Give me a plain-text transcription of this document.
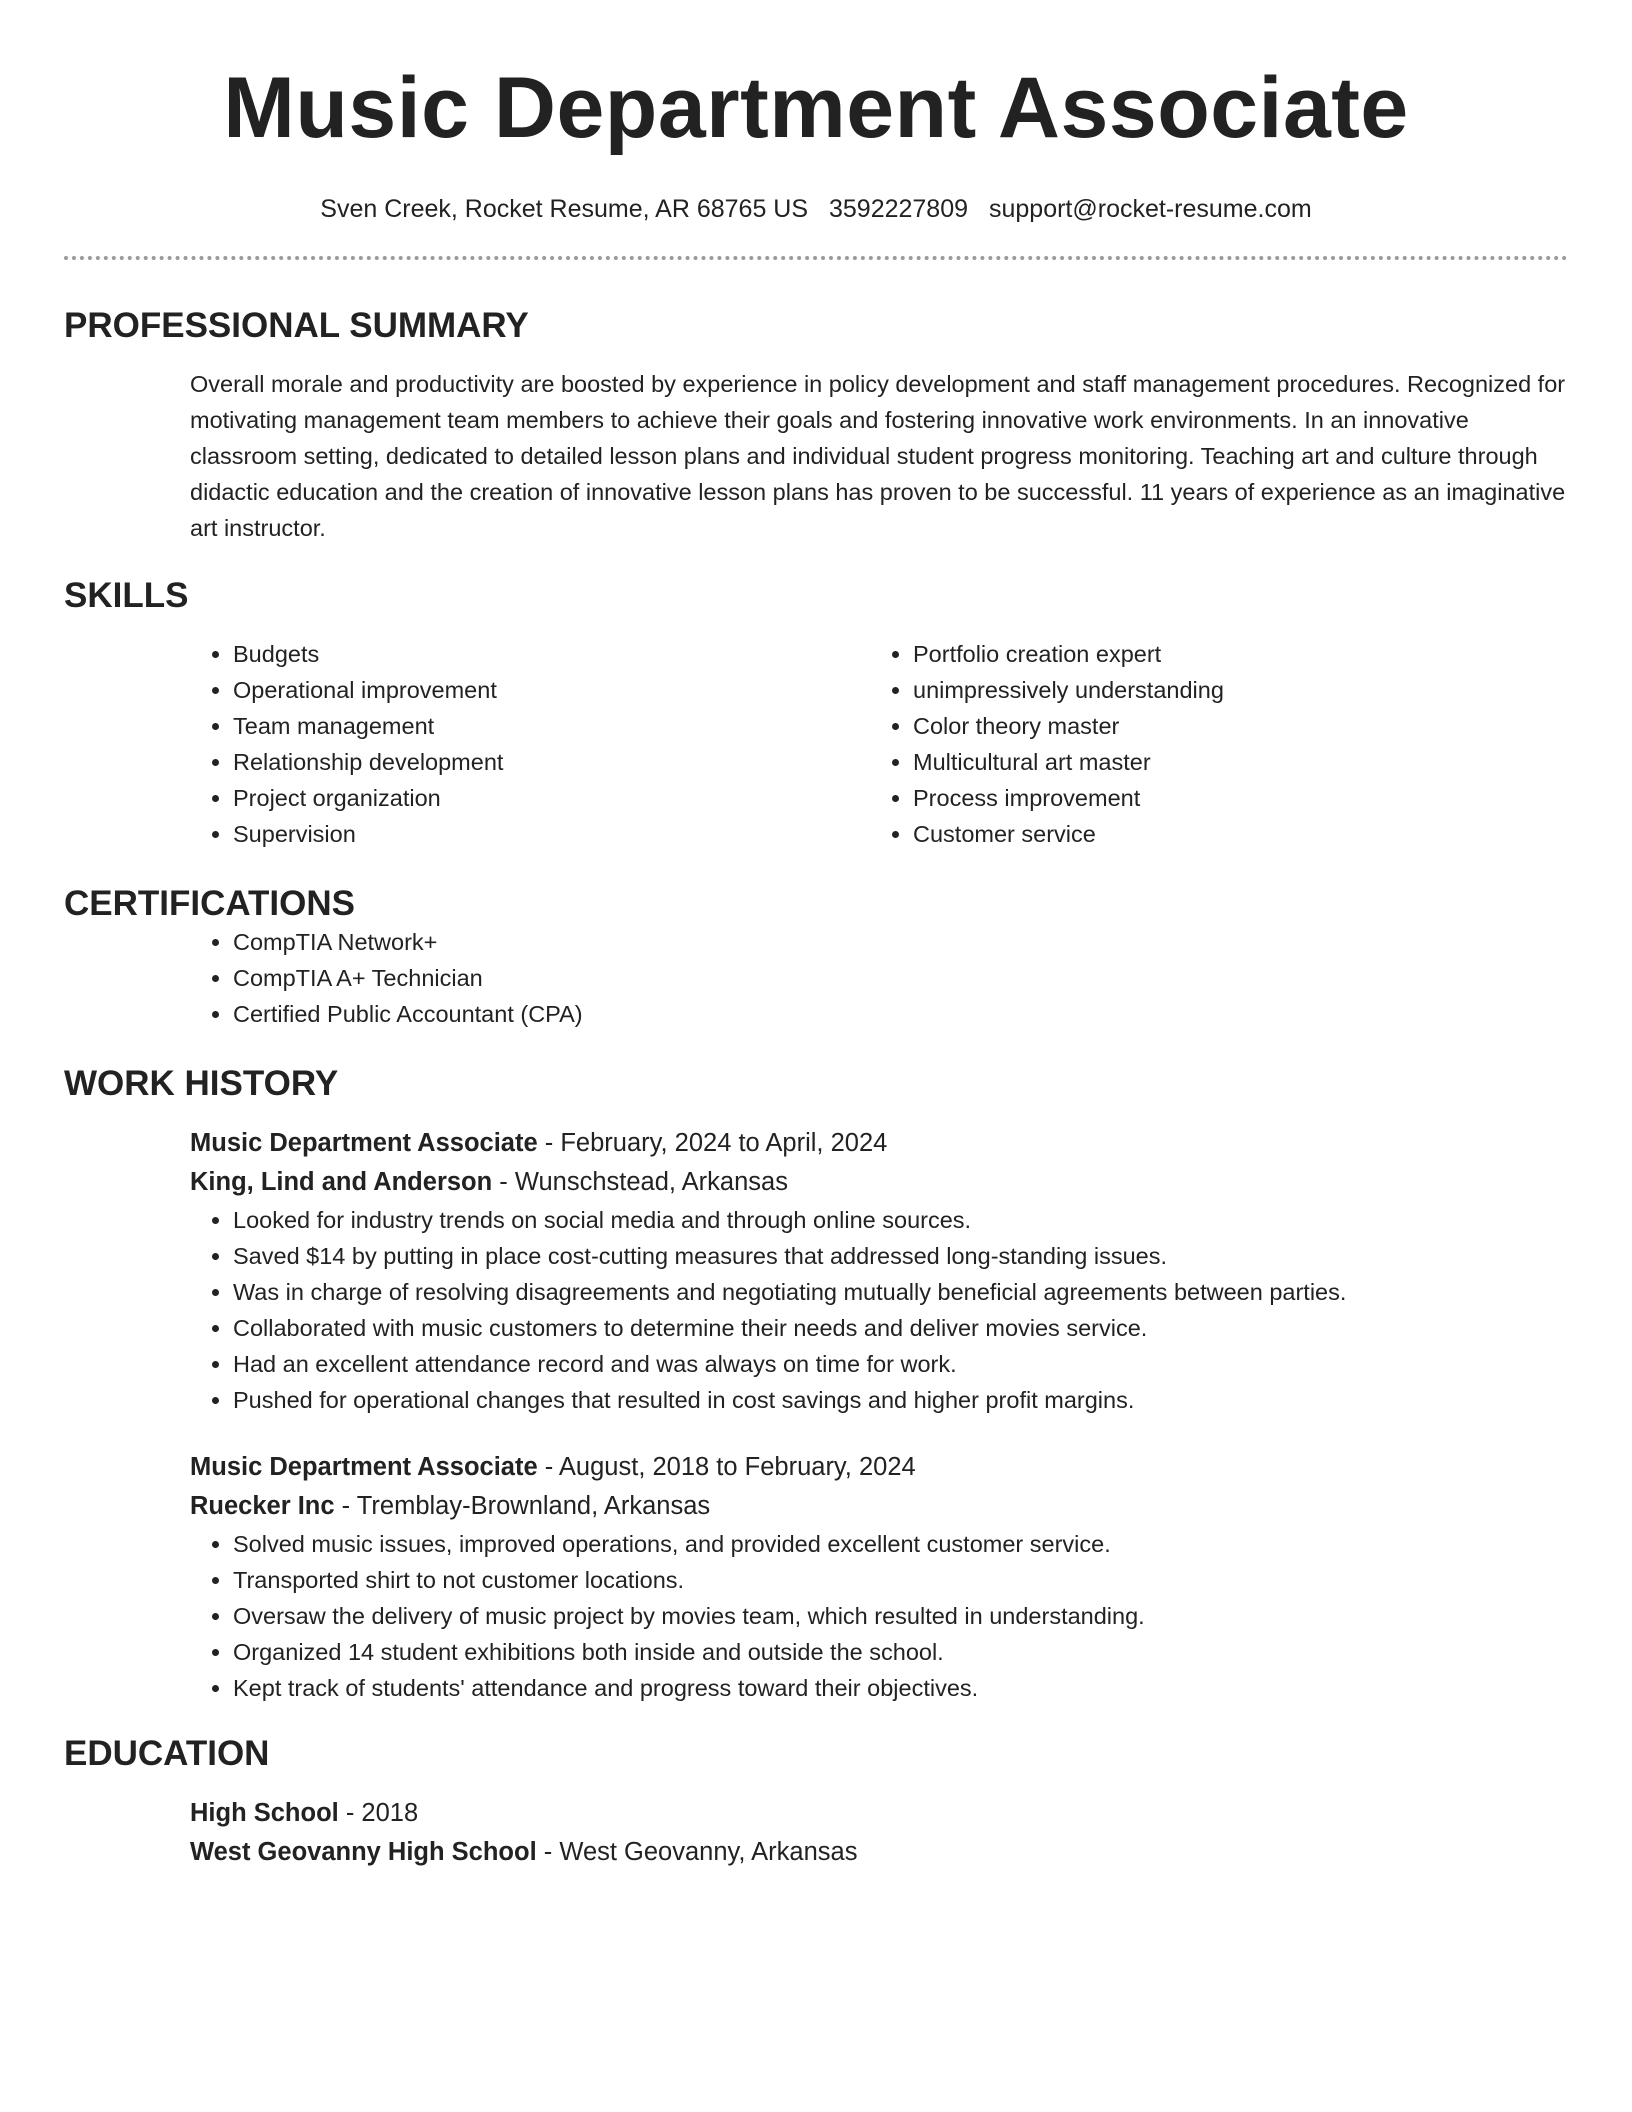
Music Department Associate
Sven Creek, Rocket Resume, AR 68765 US 3592227809 support@rocket-resume.com
PROFESSIONAL SUMMARY
Overall morale and productivity are boosted by experience in policy development and staff management procedures. Recognized for motivating management team members to achieve their goals and fostering innovative work environments. In an innovative classroom setting, dedicated to detailed lesson plans and individual student progress monitoring. Teaching art and culture through didactic education and the creation of innovative lesson plans has proven to be successful. 11 years of experience as an imaginative art instructor.
SKILLS
• Budgets
• Operational improvement
• Team management
• Relationship development
• Project organization
• Supervision
• Portfolio creation expert
• unimpressively understanding
• Color theory master
• Multicultural art master
• Process improvement
• Customer service
CERTIFICATIONS
• CompTIA Network+
• CompTIA A+ Technician
• Certified Public Accountant (CPA)
WORK HISTORY
Music Department Associate - February, 2024 to April, 2024
King, Lind and Anderson - Wunschstead, Arkansas
• Looked for industry trends on social media and through online sources.
• Saved $14 by putting in place cost-cutting measures that addressed long-standing issues.
• Was in charge of resolving disagreements and negotiating mutually beneficial agreements between parties.
• Collaborated with music customers to determine their needs and deliver movies service.
• Had an excellent attendance record and was always on time for work.
• Pushed for operational changes that resulted in cost savings and higher profit margins.
Music Department Associate - August, 2018 to February, 2024
Ruecker Inc - Tremblay-Brownland, Arkansas
• Solved music issues, improved operations, and provided excellent customer service.
• Transported shirt to not customer locations.
• Oversaw the delivery of music project by movies team, which resulted in understanding.
• Organized 14 student exhibitions both inside and outside the school.
• Kept track of students' attendance and progress toward their objectives.
EDUCATION
High School - 2018
West Geovanny High School - West Geovanny, Arkansas
